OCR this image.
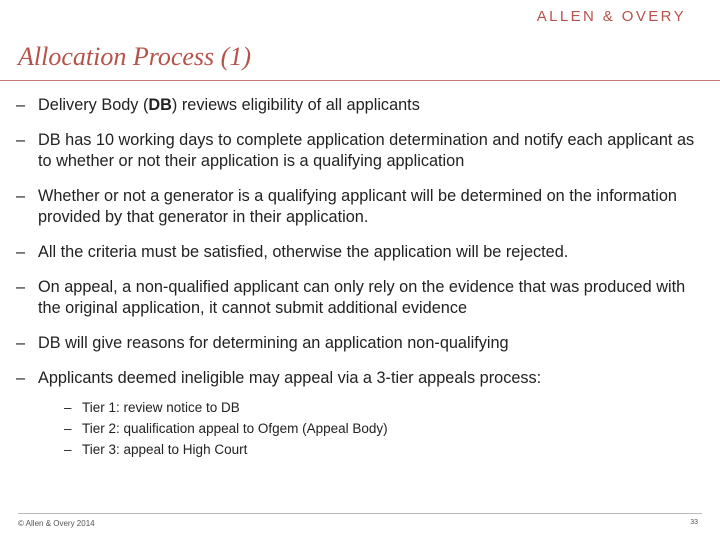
ALLEN & OVERY
Allocation Process (1)
– Delivery Body (DB) reviews eligibility of all applicants
– DB has 10 working days to complete application determination and notify each applicant as to whether or not their application is a qualifying application
– Whether or not a generator is a qualifying applicant will be determined on the information provided by that generator in their application.
– All the criteria must be satisfied, otherwise the application will be rejected.
– On appeal, a non-qualified applicant can only rely on the evidence that was produced with the original application, it cannot submit additional evidence
– DB will give reasons for determining an application non-qualifying
– Applicants deemed ineligible may appeal via a 3-tier appeals process:
– Tier 1: review notice to DB
– Tier 2: qualification appeal to Ofgem (Appeal Body)
– Tier 3: appeal to High Court
© Allen & Overy 2014	33
